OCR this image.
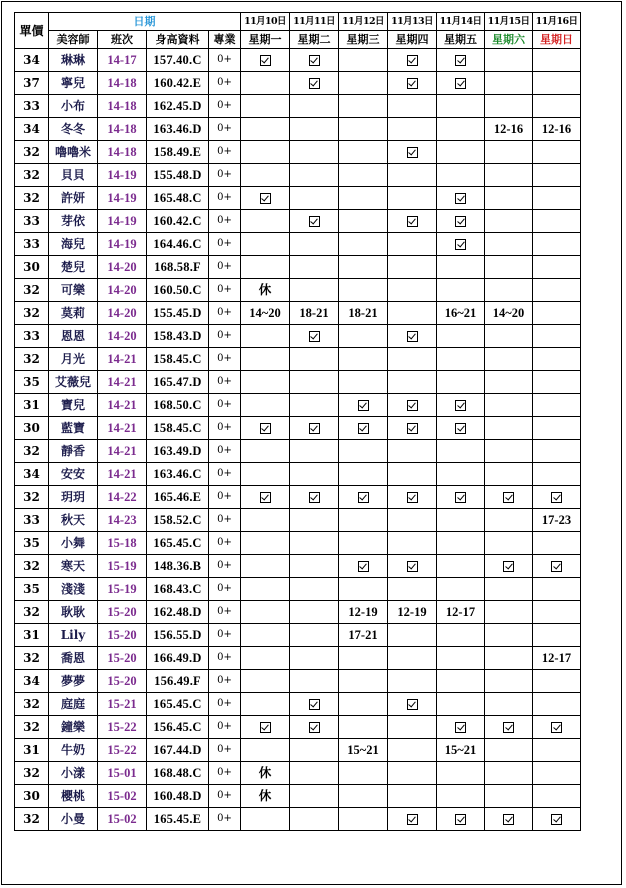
單價	日期				11月10日	11月11日	11月12日	11月13日	11月14日	11月15日	11月16日
	美容師	班次	身高資料	專業	星期一	星期二	星期三	星期四	星期五	星期六	星期日
34	琳琳	14-17	157.40.C	0+							
37	寧兒	14-18	160.42.E	0+							
33	小布	14-18	162.45.D	0+							
34	冬冬	14-18	163.46.D	0+						12-16	12-16
32	嚕嚕米	14-18	158.49.E	0+							
32	貝貝	14-19	155.48.D	0+							
32	許妍	14-19	165.48.C	0+							
33	芽依	14-19	160.42.C	0+							
33	海兒	14-19	164.46.C	0+							
30	楚兒	14-20	168.58.F	0+							
32	可樂	14-20	160.50.C	0+	休						
32	莫莉	14-20	155.45.D	0+	14~20	18-21	18-21		16~21	14~20	
33	恩恩	14-20	158.43.D	0+							
32	月光	14-21	158.45.C	0+							
35	艾薇兒	14-21	165.47.D	0+							
31	寶兒	14-21	168.50.C	0+							
30	藍寶	14-21	158.45.C	0+							
32	靜香	14-21	163.49.D	0+							
34	安安	14-21	163.46.C	0+							
32	玥玥	14-22	165.46.E	0+							
33	秋天	14-23	158.52.C	0+							17-23
35	小舞	15-18	165.45.C	0+							
32	寒天	15-19	148.36.B	0+							
35	淺淺	15-19	168.43.C	0+							
32	耿耿	15-20	162.48.D	0+			12-19	12-19	12-17		
31	Lily	15-20	156.55.D	0+			17-21				
32	喬恩	15-20	166.49.D	0+							12-17
34	夢夢	15-20	156.49.F	0+							
32	庭庭	15-21	165.45.C	0+							
32	鐘樂	15-22	156.45.C	0+							
31	牛奶	15-22	167.44.D	0+			15~21		15~21		
32	小漾	15-01	168.48.C	0+	休						
30	櫻桃	15-02	160.48.D	0+	休						
32	小曼	15-02	165.45.E	0+							
